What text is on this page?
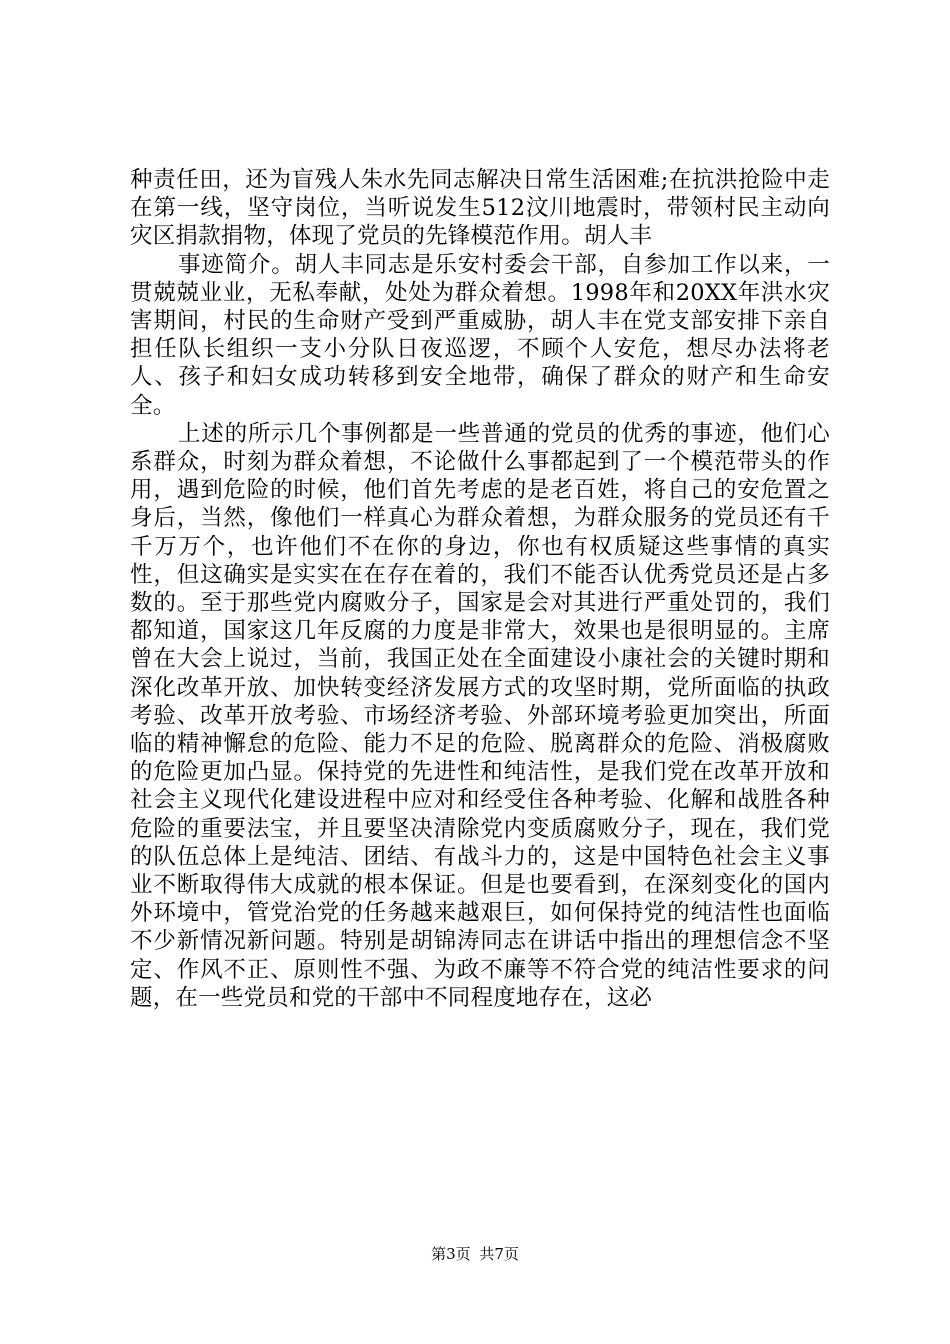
种责任田，还为盲残人朱水先同志解决日常生活困难;在抗洪抢险中走在第一线，坚守岗位，当听说发生512汶川地震时，带领村民主动向灾区捐款捐物，体现了党员的先锋模范作用。胡人丰

事迹简介。胡人丰同志是乐安村委会干部，自参加工作以来，一贯兢兢业业，无私奉献，处处为群众着想。1998年和20XX年洪水灾害期间，村民的生命财产受到严重威胁，胡人丰在党支部安排下亲自担任队长组织一支小分队日夜巡逻，不顾个人安危，想尽办法将老人、孩子和妇女成功转移到安全地带，确保了群众的财产和生命安全。

上述的所示几个事例都是一些普通的党员的优秀的事迹，他们心系群众，时刻为群众着想，不论做什么事都起到了一个模范带头的作用，遇到危险的时候，他们首先考虑的是老百姓，将自己的安危置之身后，当然，像他们一样真心为群众着想，为群众服务的党员还有千千万万个，也许他们不在你的身边，你也有权质疑这些事情的真实性，但这确实是实实在在存在着的，我们不能否认优秀党员还是占多数的。至于那些党内腐败分子，国家是会对其进行严重处罚的，我们都知道，国家这几年反腐的力度是非常大，效果也是很明显的。主席曾在大会上说过，当前，我国正处在全面建设小康社会的关键时期和深化改革开放、加快转变经济发展方式的攻坚时期，党所面临的执政考验、改革开放考验、市场经济考验、外部环境考验更加突出，所面临的精神懈怠的危险、能力不足的危险、脱离群众的危险、消极腐败的危险更加凸显。保持党的先进性和纯洁性，是我们党在改革开放和社会主义现代化建设进程中应对和经受住各种考验、化解和战胜各种危险的重要法宝，并且要坚决清除党内变质腐败分子，现在，我们党的队伍总体上是纯洁、团结、有战斗力的，这是中国特色社会主义事业不断取得伟大成就的根本保证。但是也要看到，在深刻变化的国内外环境中，管党治党的任务越来越艰巨，如何保持党的纯洁性也面临不少新情况新问题。特别是胡锦涛同志在讲话中指出的理想信念不坚定、作风不正、原则性不强、为政不廉等不符合党的纯洁性要求的问题，在一些党员和党的干部中不同程度地存在，这必

第3页 共7页
